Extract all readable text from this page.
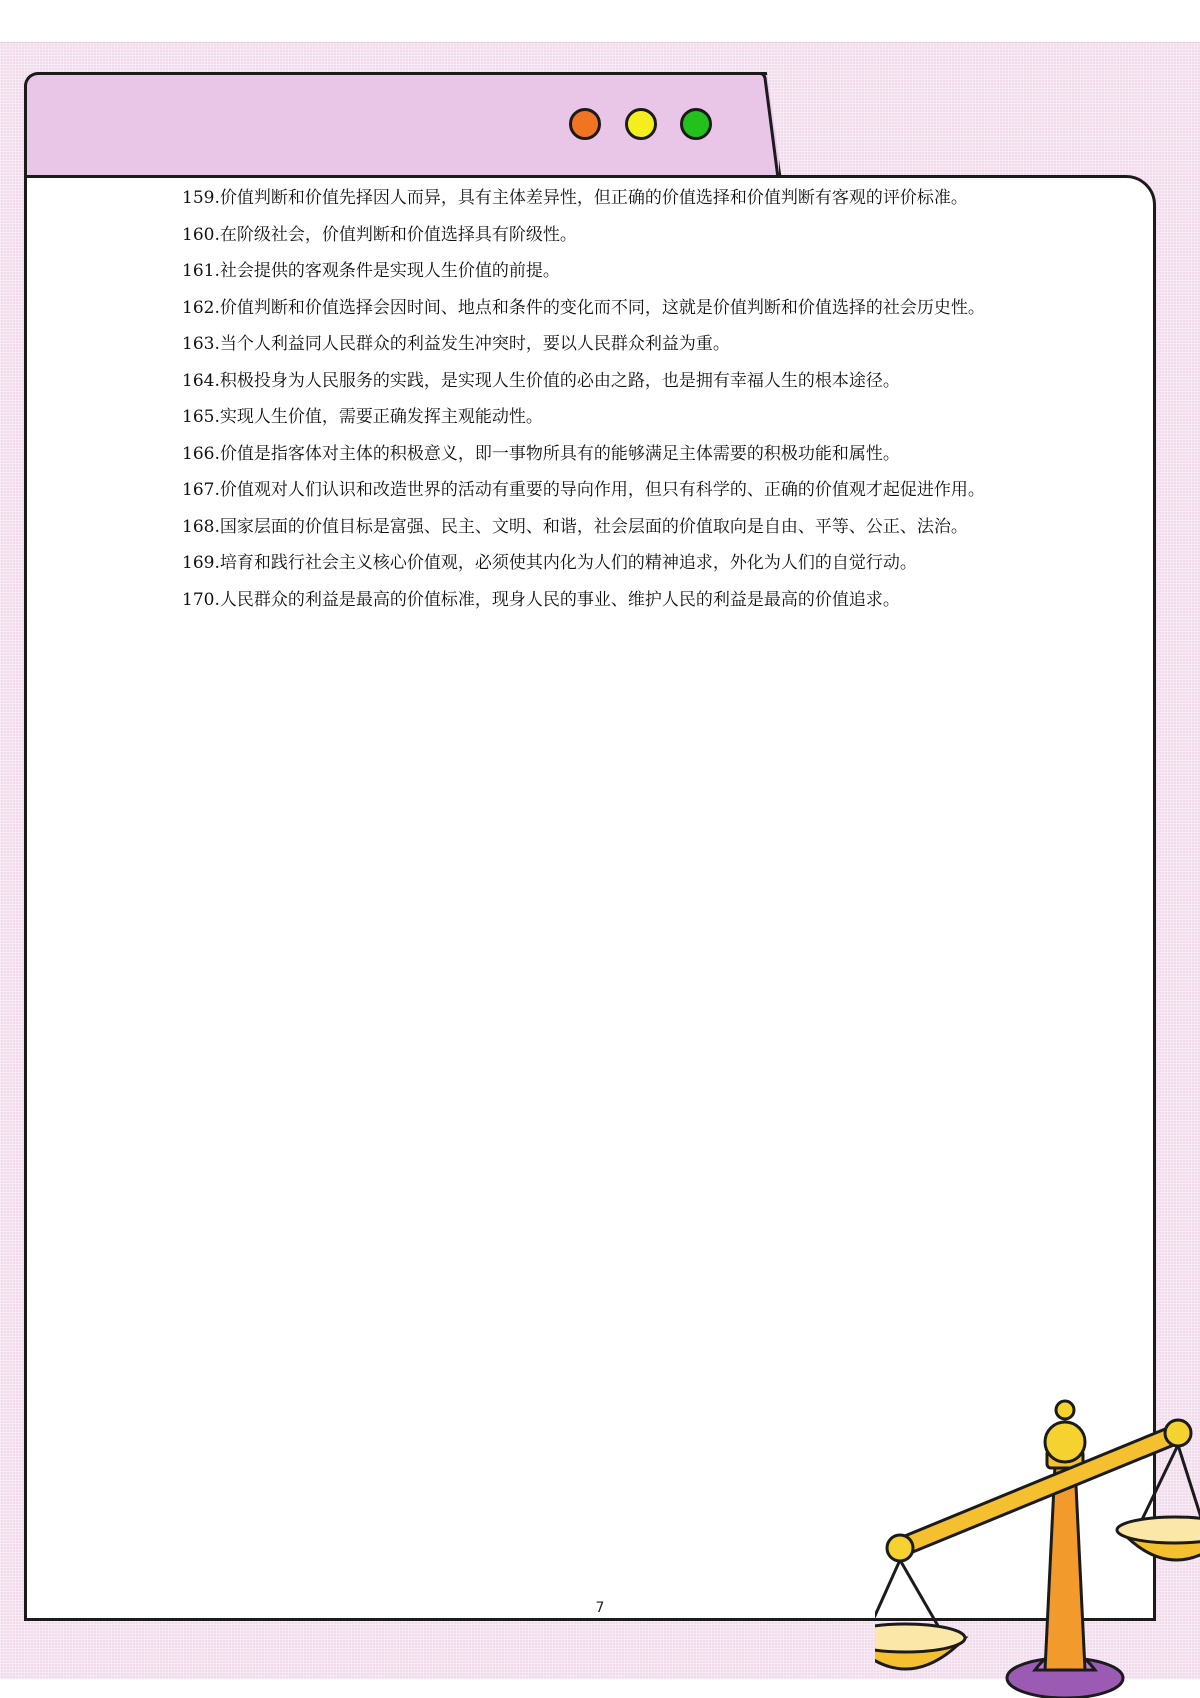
159.价值判断和价值先择因人而异，具有主体差异性，但正确的价值选择和价值判断有客观的评价标准。

160.在阶级社会，价值判断和价值选择具有阶级性。

161.社会提供的客观条件是实现人生价值的前提。

162.价值判断和价值选择会因时间、地点和条件的变化而不同，这就是价值判断和价值选择的社会历史性。

163.当个人利益同人民群众的利益发生冲突时，要以人民群众利益为重。

164.积极投身为人民服务的实践，是实现人生价值的必由之路，也是拥有幸福人生的根本途径。

165.实现人生价值，需要正确发挥主观能动性。

166.价值是指客体对主体的积极意义，即一事物所具有的能够满足主体需要的积极功能和属性。

167.价值观对人们认识和改造世界的活动有重要的导向作用，但只有科学的、正确的价值观才起促进作用。

168.国家层面的价值目标是富强、民主、文明、和谐，社会层面的价值取向是自由、平等、公正、法治。

169.培育和践行社会主义核心价值观，必须使其内化为人们的精神追求，外化为人们的自觉行动。

170.人民群众的利益是最高的价值标准，现身人民的事业、维护人民的利益是最高的价值追求。

7
